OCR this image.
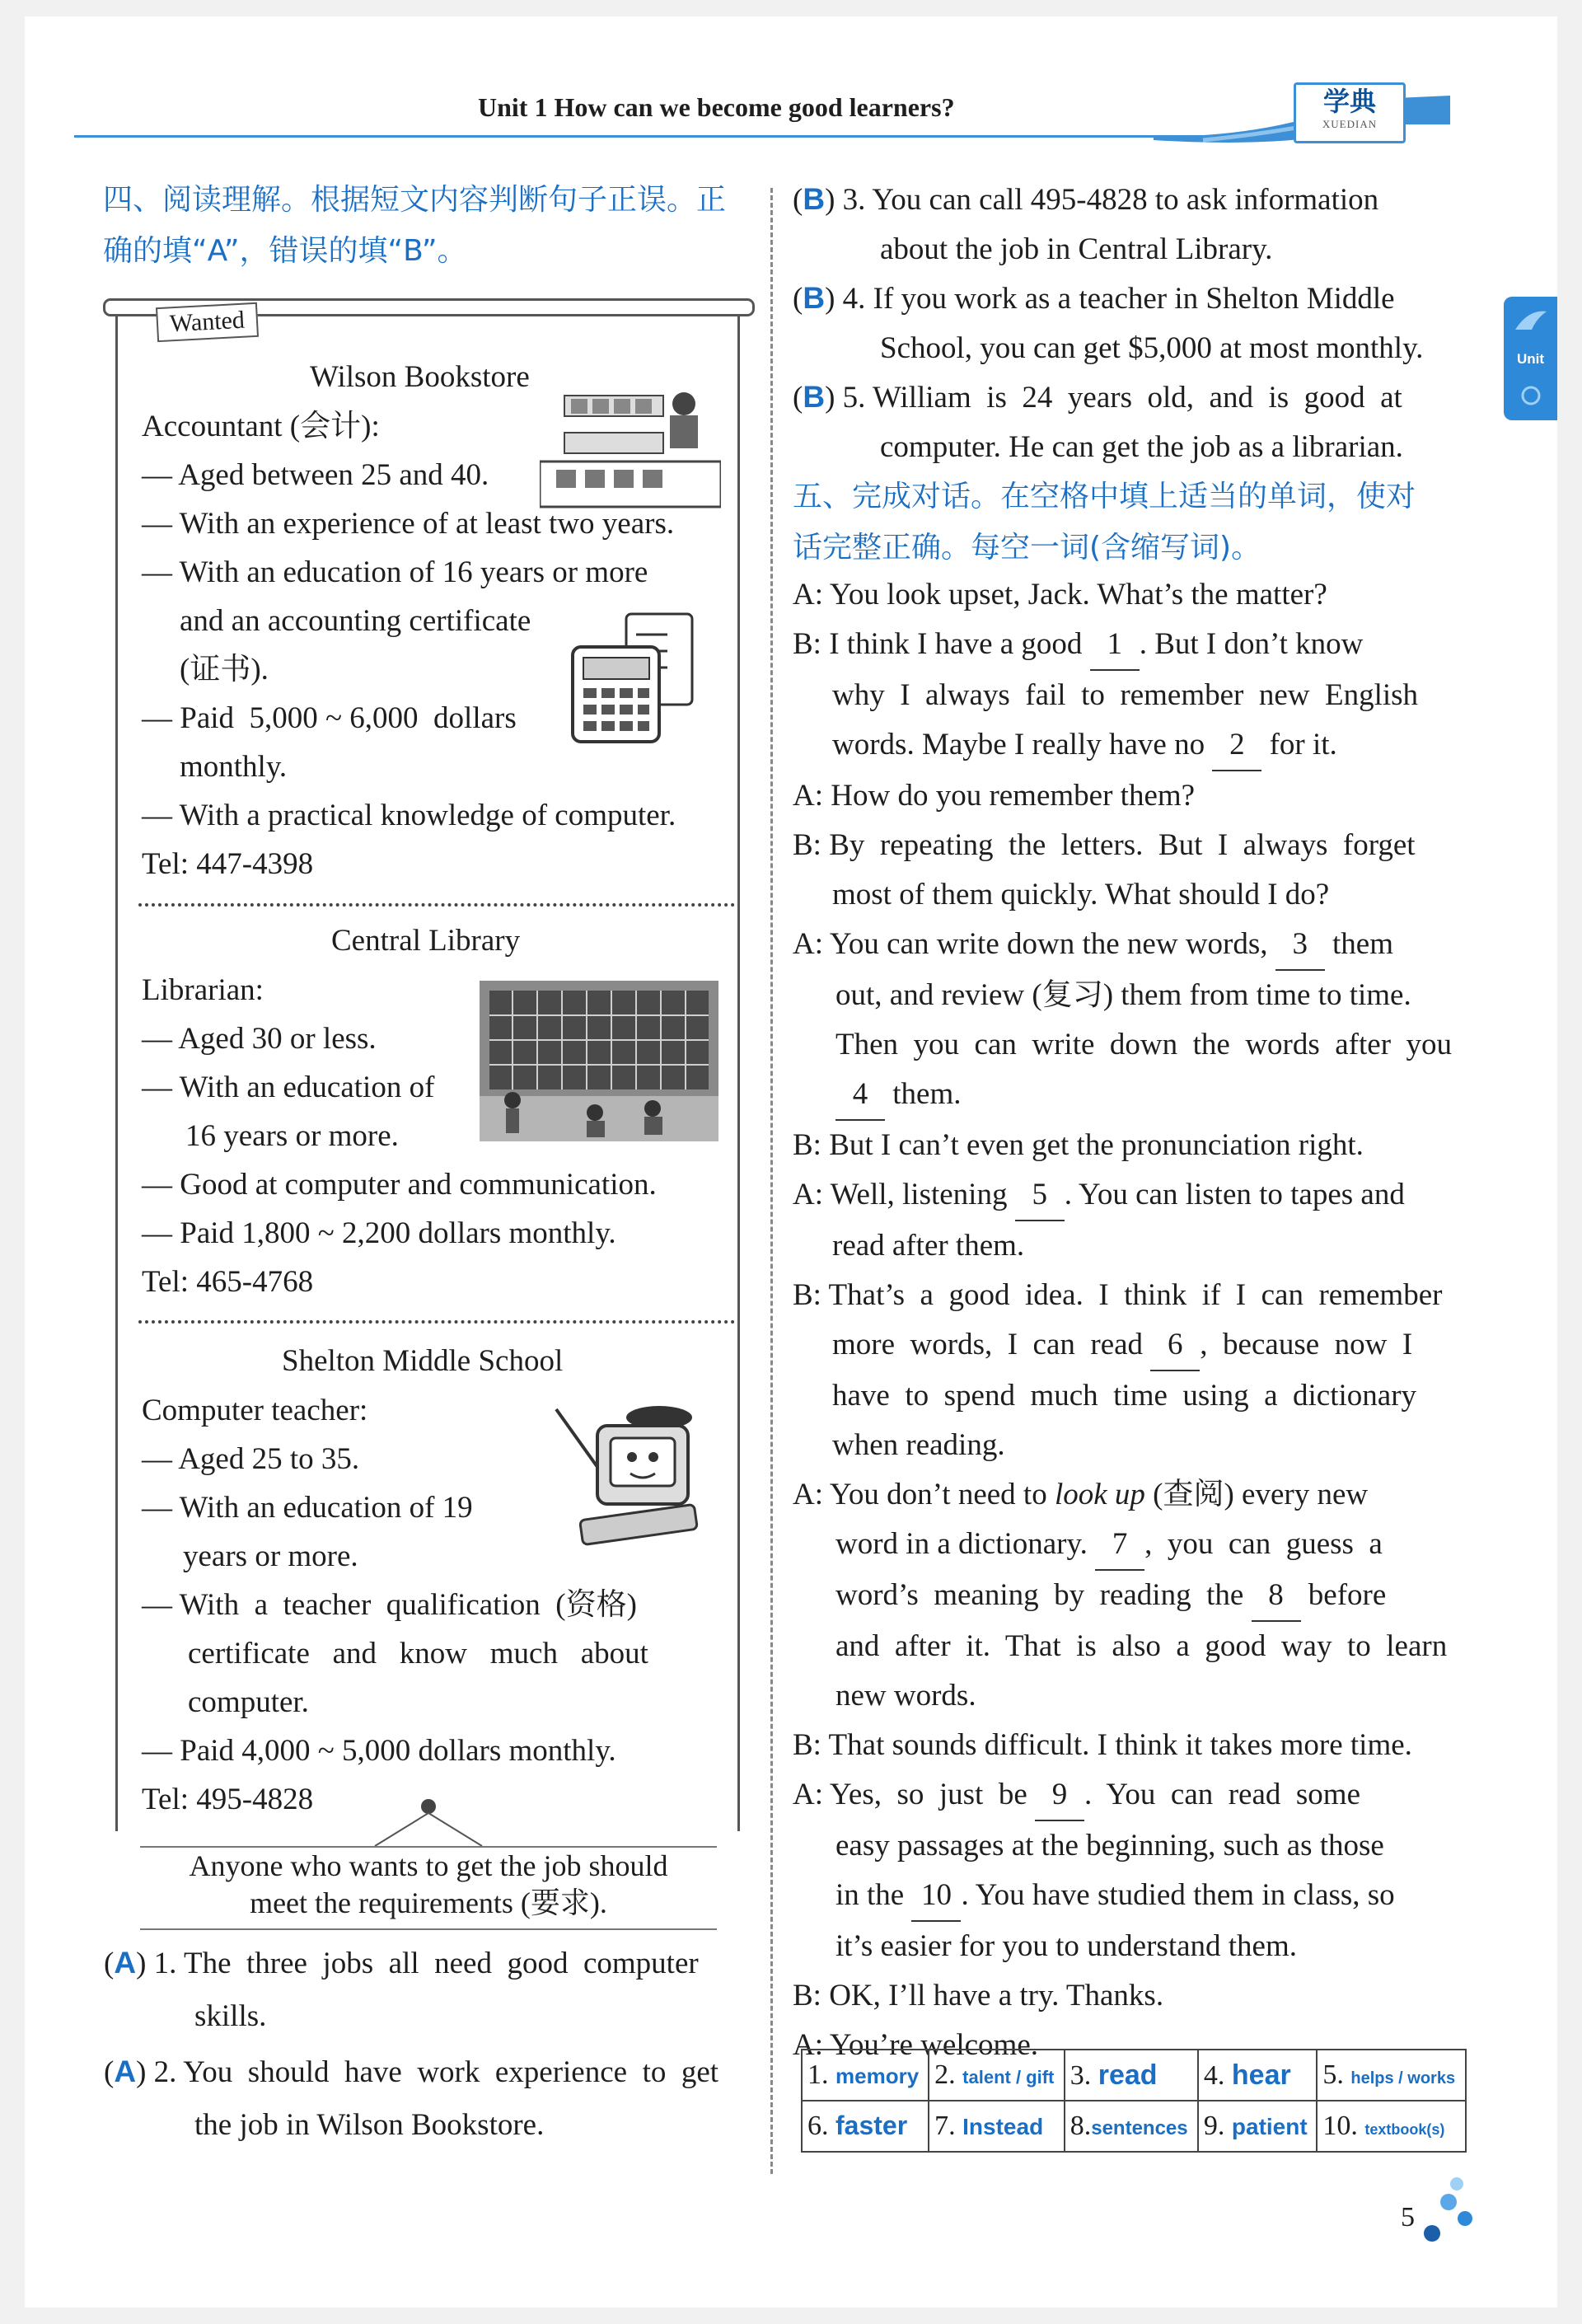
Unit 1 How can we become good learners?	学典
XUEDIAN
Unit
四、阅读理解。根据短文内容判断句子正误。正
确的填“A”，错误的填“B”。
Wanted
Wilson Bookstore
Accountant (会计):
— Aged between 25 and 40.
— With an experience of at least two years.
— With an education of 16 years or more
and an accounting certificate
(证书).
— Paid  5,000 ~ 6,000  dollars
monthly.
— With a practical knowledge of computer.
Tel: 447-4398
Central Library
Librarian:
— Aged 30 or less.
— With an education of
16 years or more.
— Good at computer and communication.
— Paid 1,800 ~ 2,200 dollars monthly.
Tel: 465-4768
Shelton Middle School
Computer teacher:
— Aged 25 to 35.
— With an education of 19
years or more.
— With  a  teacher  qualification  (资格)
certificate   and   know   much   about
computer.
— Paid 4,000 ~ 5,000 dollars monthly.
Tel: 495-4828
Anyone who wants to get the job should
meet the requirements (要求).
(A) 1. The  three  jobs  all  need  good  computer
skills.
(A) 2. You  should  have  work  experience  to  get
the job in Wilson Bookstore.
(B) 3. You can call 495-4828 to ask information
about the job in Central Library.
(B) 4. If you work as a teacher in Shelton Middle
School, you can get $5,000 at most monthly.
(B) 5. William  is  24  years  old,  and  is  good  at
computer. He can get the job as a librarian.
五、完成对话。在空格中填上适当的单词，使对
话完整正确。每空一词(含缩写词)。
A: You look upset, Jack. What’s the matter?
B: I think I have a good 1 . But I don’t know
why  I  always  fail  to  remember  new  English
words. Maybe I really have no 2 for it.
A: How do you remember them?
B: By  repeating  the  letters.  But  I  always  forget
most of them quickly. What should I do?
A: You can write down the new words, 3 them
out, and review (复习) them from time to time.
Then  you  can  write  down  the  words  after  you
4 them.
B: But I can’t even get the pronunciation right.
A: Well, listening 5 . You can listen to tapes and
read after them.
B: That’s  a  good  idea.  I  think  if  I  can  remember
more  words,  I  can  read 6 ,  because  now  I
have  to  spend  much  time  using  a  dictionary
when reading.
A: You don’t need to look up (查阅) every new
word in a dictionary. 7 ,  you  can  guess  a
word’s  meaning  by  reading  the 8 before
and  after  it.  That  is  also  a  good  way  to  learn
new words.
B: That sounds difficult. I think it takes more time.
A: Yes,  so  just  be 9 .  You  can  read  some
easy passages at the beginning, such as those
in the 10 . You have studied them in class, so
it’s easier for you to understand them.
B: OK, I’ll have a try. Thanks.
A: You’re welcome.
1. memory	2. talent / gift	3. read	4. hear	5. helps / works
6. faster	7. Instead	8.sentences	9. patient	10. textbook(s)
5
